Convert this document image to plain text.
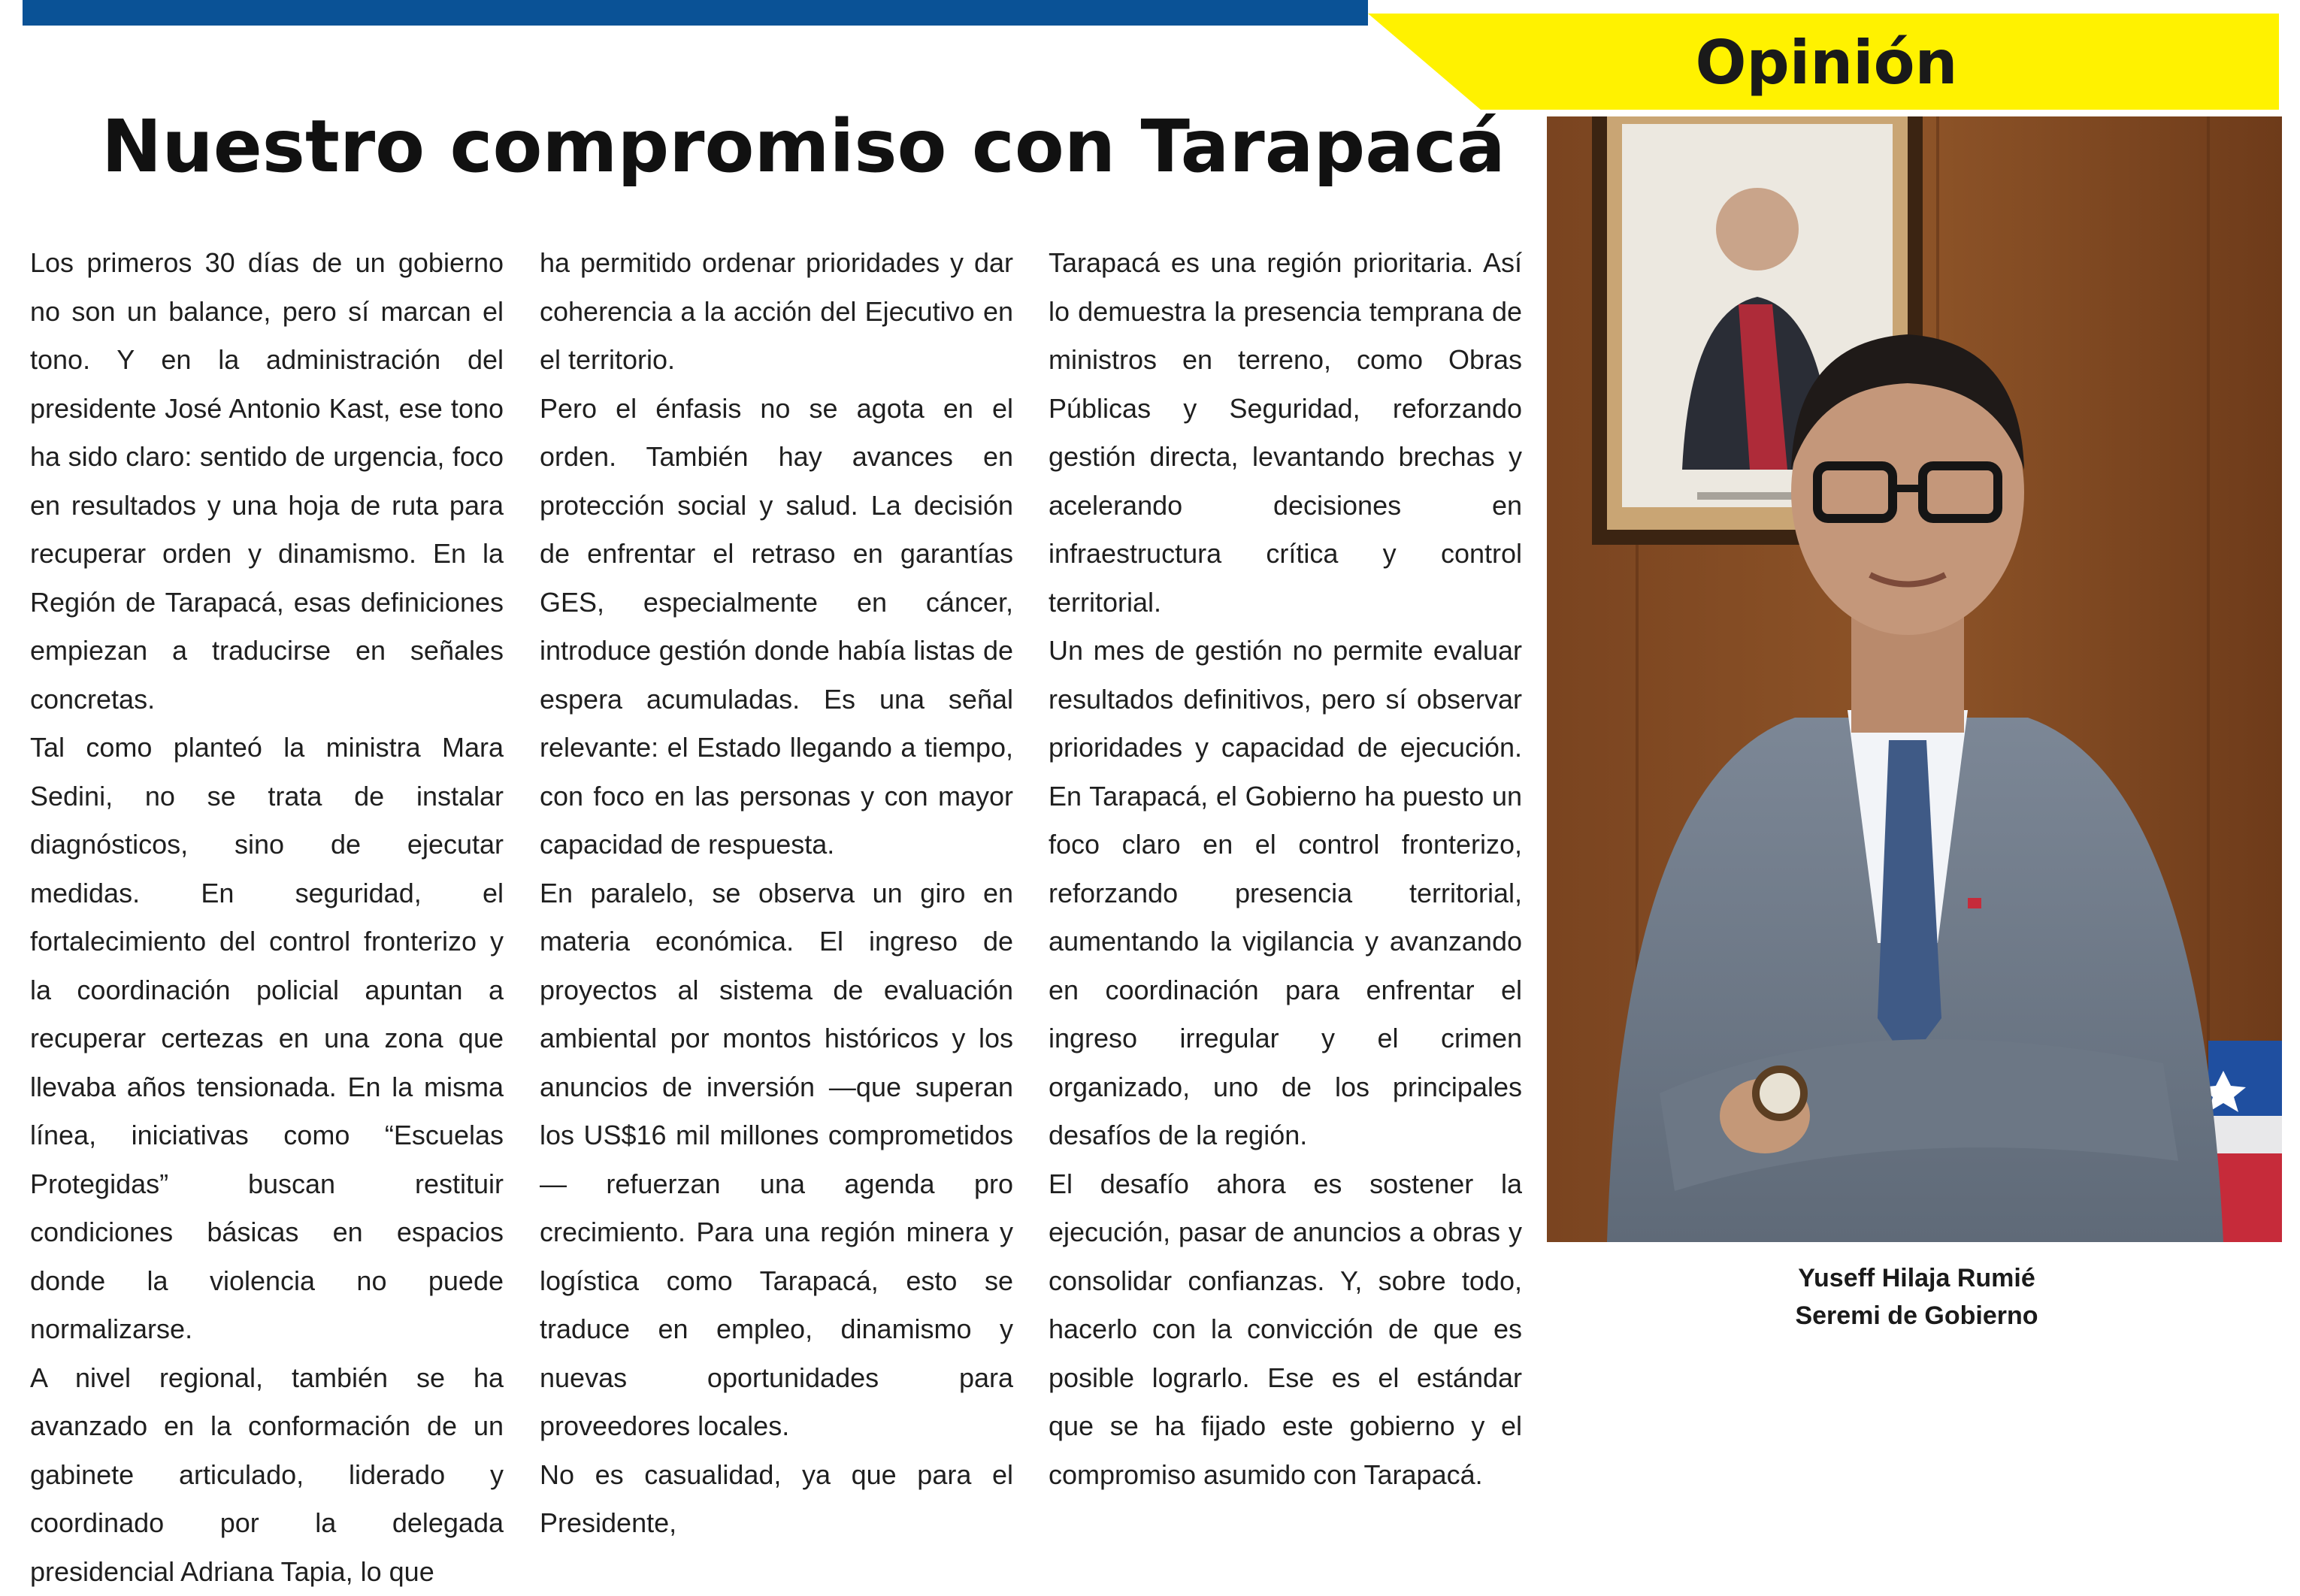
Opinión
Nuestro compromiso con Tarapacá

Los primeros 30 días de un gobierno no son un balance, pero sí marcan el tono. Y en la administración del presidente José Antonio Kast, ese tono ha sido claro: sentido de urgencia, foco en resultados y una hoja de ruta para recuperar orden y dinamismo. En la Región de Tarapacá, esas definiciones empiezan a traducirse en señales concretas.

Tal como planteó la ministra Mara Sedini, no se trata de instalar diagnósticos, sino de ejecutar medidas. En seguridad, el fortalecimiento del control fronterizo y la coordinación policial apuntan a recuperar certezas en una zona que llevaba años tensionada. En la misma línea, iniciativas como “Escuelas Protegidas” buscan restituir condiciones básicas en espacios donde la violencia no puede normalizarse.

A nivel regional, también se ha avanzado en la conformación de un gabinete articulado, liderado y coordinado por la delegada presidencial Adriana Tapia, lo que

ha permitido ordenar prioridades y dar coherencia a la acción del Ejecutivo en el territorio.

Pero el énfasis no se agota en el orden. También hay avances en protección social y salud. La decisión de enfrentar el retraso en garantías GES, especialmente en cáncer, introduce gestión donde había listas de espera acumuladas. Es una señal relevante: el Estado llegando a tiempo, con foco en las personas y con mayor capacidad de respuesta.

En paralelo, se observa un giro en materia económica. El ingreso de proyectos al sistema de evaluación ambiental por montos históricos y los anuncios de inversión —que superan los US$16 mil millones comprometidos— refuerzan una agenda pro crecimiento. Para una región minera y logística como Tarapacá, esto se traduce en empleo, dinamismo y nuevas oportunidades para proveedores locales.

No es casualidad, ya que para el Presidente,

Tarapacá es una región prioritaria. Así lo demuestra la presencia temprana de ministros en terreno, como Obras Públicas y Seguridad, reforzando gestión directa, levantando brechas y acelerando decisiones en infraestructura crítica y control territorial.

Un mes de gestión no permite evaluar resultados definitivos, pero sí observar prioridades y capacidad de ejecución. En Tarapacá, el Gobierno ha puesto un foco claro en el control fronterizo, reforzando presencia territorial, aumentando la vigilancia y avanzando en coordinación para enfrentar el ingreso irregular y el crimen organizado, uno de los principales desafíos de la región.

El desafío ahora es sostener la ejecución, pasar de anuncios a obras y consolidar confianzas. Y, sobre todo, hacerlo con la convicción de que es posible lograrlo. Ese es el estándar que se ha fijado este gobierno y el compromiso asumido con Tarapacá.

Yuseff Hilaja Rumié
Seremi de Gobierno
